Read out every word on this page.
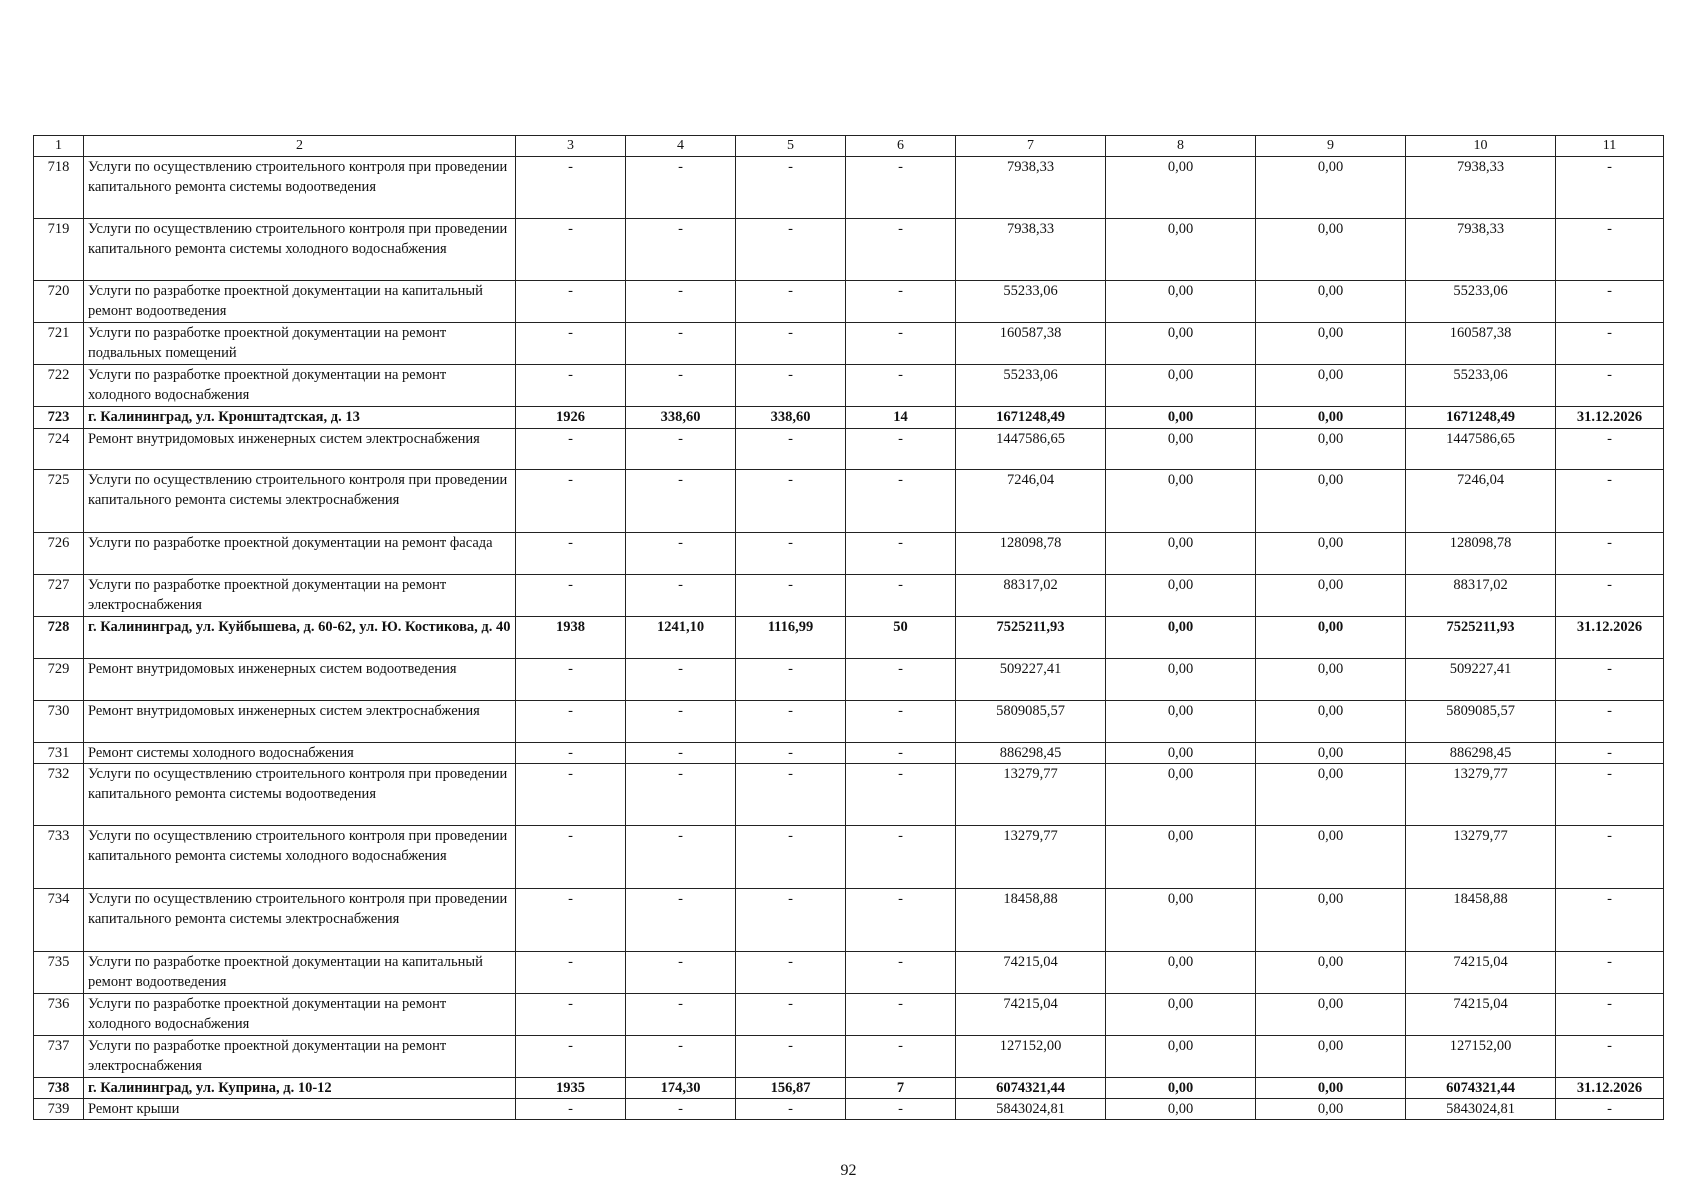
1	2	3	4	5	6	7	8	9	10	11
718	Услуги по осуществлению строительного контроля при проведении капитального ремонта системы водоотведения	-	-	-	-	7938,33	0,00	0,00	7938,33	-
719	Услуги по осуществлению строительного контроля при проведении капитального ремонта системы холодного водоснабжения	-	-	-	-	7938,33	0,00	0,00	7938,33	-
720	Услуги по разработке проектной документации на капитальный ремонт водоотведения	-	-	-	-	55233,06	0,00	0,00	55233,06	-
721	Услуги по разработке проектной документации на ремонт подвальных помещений	-	-	-	-	160587,38	0,00	0,00	160587,38	-
722	Услуги по разработке проектной документации на ремонт холодного водоснабжения	-	-	-	-	55233,06	0,00	0,00	55233,06	-
723	г. Калининград, ул. Кронштадтская, д. 13	1926	338,60	338,60	14	1671248,49	0,00	0,00	1671248,49	31.12.2026
724	Ремонт внутридомовых инженерных систем электроснабжения	-	-	-	-	1447586,65	0,00	0,00	1447586,65	-
725	Услуги по осуществлению строительного контроля при проведении капитального ремонта системы электроснабжения	-	-	-	-	7246,04	0,00	0,00	7246,04	-
726	Услуги по разработке проектной документации на ремонт фасада	-	-	-	-	128098,78	0,00	0,00	128098,78	-
727	Услуги по разработке проектной документации на ремонт электроснабжения	-	-	-	-	88317,02	0,00	0,00	88317,02	-
728	г. Калининград, ул. Куйбышева, д. 60-62, ул. Ю. Костикова, д. 40	1938	1241,10	1116,99	50	7525211,93	0,00	0,00	7525211,93	31.12.2026
729	Ремонт внутридомовых инженерных систем водоотведения	-	-	-	-	509227,41	0,00	0,00	509227,41	-
730	Ремонт внутридомовых инженерных систем электроснабжения	-	-	-	-	5809085,57	0,00	0,00	5809085,57	-
731	Ремонт системы холодного водоснабжения	-	-	-	-	886298,45	0,00	0,00	886298,45	-
732	Услуги по осуществлению строительного контроля при проведении капитального ремонта системы водоотведения	-	-	-	-	13279,77	0,00	0,00	13279,77	-
733	Услуги по осуществлению строительного контроля при проведении капитального ремонта системы холодного водоснабжения	-	-	-	-	13279,77	0,00	0,00	13279,77	-
734	Услуги по осуществлению строительного контроля при проведении капитального ремонта системы электроснабжения	-	-	-	-	18458,88	0,00	0,00	18458,88	-
735	Услуги по разработке проектной документации на капитальный ремонт водоотведения	-	-	-	-	74215,04	0,00	0,00	74215,04	-
736	Услуги по разработке проектной документации на ремонт холодного водоснабжения	-	-	-	-	74215,04	0,00	0,00	74215,04	-
737	Услуги по разработке проектной документации на ремонт электроснабжения	-	-	-	-	127152,00	0,00	0,00	127152,00	-
738	г. Калининград, ул. Куприна, д. 10-12	1935	174,30	156,87	7	6074321,44	0,00	0,00	6074321,44	31.12.2026
739	Ремонт крыши	-	-	-	-	5843024,81	0,00	0,00	5843024,81	-
92
